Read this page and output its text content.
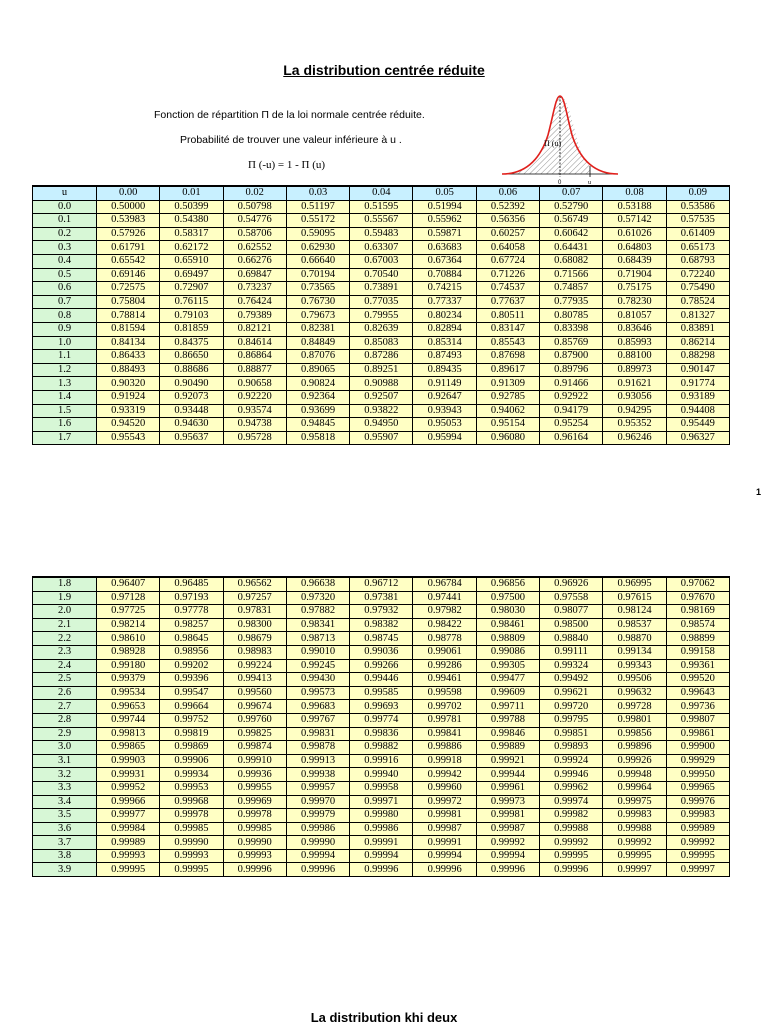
La distribution centrée réduite
Fonction de répartition Π de la loi normale centrée réduite.
Probabilité de trouver une valeur inférieure à u .
Π (-u) = 1 - Π (u)
Π (u)
0	u
u	0.00	0.01	0.02	0.03	0.04	0.05	0.06	0.07	0.08	0.09
0.0	0.50000	0.50399	0.50798	0.51197	0.51595	0.51994	0.52392	0.52790	0.53188	0.53586
0.1	0.53983	0.54380	0.54776	0.55172	0.55567	0.55962	0.56356	0.56749	0.57142	0.57535
0.2	0.57926	0.58317	0.58706	0.59095	0.59483	0.59871	0.60257	0.60642	0.61026	0.61409
0.3	0.61791	0.62172	0.62552	0.62930	0.63307	0.63683	0.64058	0.64431	0.64803	0.65173
0.4	0.65542	0.65910	0.66276	0.66640	0.67003	0.67364	0.67724	0.68082	0.68439	0.68793
0.5	0.69146	0.69497	0.69847	0.70194	0.70540	0.70884	0.71226	0.71566	0.71904	0.72240
0.6	0.72575	0.72907	0.73237	0.73565	0.73891	0.74215	0.74537	0.74857	0.75175	0.75490
0.7	0.75804	0.76115	0.76424	0.76730	0.77035	0.77337	0.77637	0.77935	0.78230	0.78524
0.8	0.78814	0.79103	0.79389	0.79673	0.79955	0.80234	0.80511	0.80785	0.81057	0.81327
0.9	0.81594	0.81859	0.82121	0.82381	0.82639	0.82894	0.83147	0.83398	0.83646	0.83891
1.0	0.84134	0.84375	0.84614	0.84849	0.85083	0.85314	0.85543	0.85769	0.85993	0.86214
1.1	0.86433	0.86650	0.86864	0.87076	0.87286	0.87493	0.87698	0.87900	0.88100	0.88298
1.2	0.88493	0.88686	0.88877	0.89065	0.89251	0.89435	0.89617	0.89796	0.89973	0.90147
1.3	0.90320	0.90490	0.90658	0.90824	0.90988	0.91149	0.91309	0.91466	0.91621	0.91774
1.4	0.91924	0.92073	0.92220	0.92364	0.92507	0.92647	0.92785	0.92922	0.93056	0.93189
1.5	0.93319	0.93448	0.93574	0.93699	0.93822	0.93943	0.94062	0.94179	0.94295	0.94408
1.6	0.94520	0.94630	0.94738	0.94845	0.94950	0.95053	0.95154	0.95254	0.95352	0.95449
1.7	0.95543	0.95637	0.95728	0.95818	0.95907	0.95994	0.96080	0.96164	0.96246	0.96327
1
1.8	0.96407	0.96485	0.96562	0.96638	0.96712	0.96784	0.96856	0.96926	0.96995	0.97062
1.9	0.97128	0.97193	0.97257	0.97320	0.97381	0.97441	0.97500	0.97558	0.97615	0.97670
2.0	0.97725	0.97778	0.97831	0.97882	0.97932	0.97982	0.98030	0.98077	0.98124	0.98169
2.1	0.98214	0.98257	0.98300	0.98341	0.98382	0.98422	0.98461	0.98500	0.98537	0.98574
2.2	0.98610	0.98645	0.98679	0.98713	0.98745	0.98778	0.98809	0.98840	0.98870	0.98899
2.3	0.98928	0.98956	0.98983	0.99010	0.99036	0.99061	0.99086	0.99111	0.99134	0.99158
2.4	0.99180	0.99202	0.99224	0.99245	0.99266	0.99286	0.99305	0.99324	0.99343	0.99361
2.5	0.99379	0.99396	0.99413	0.99430	0.99446	0.99461	0.99477	0.99492	0.99506	0.99520
2.6	0.99534	0.99547	0.99560	0.99573	0.99585	0.99598	0.99609	0.99621	0.99632	0.99643
2.7	0.99653	0.99664	0.99674	0.99683	0.99693	0.99702	0.99711	0.99720	0.99728	0.99736
2.8	0.99744	0.99752	0.99760	0.99767	0.99774	0.99781	0.99788	0.99795	0.99801	0.99807
2.9	0.99813	0.99819	0.99825	0.99831	0.99836	0.99841	0.99846	0.99851	0.99856	0.99861
3.0	0.99865	0.99869	0.99874	0.99878	0.99882	0.99886	0.99889	0.99893	0.99896	0.99900
3.1	0.99903	0.99906	0.99910	0.99913	0.99916	0.99918	0.99921	0.99924	0.99926	0.99929
3.2	0.99931	0.99934	0.99936	0.99938	0.99940	0.99942	0.99944	0.99946	0.99948	0.99950
3.3	0.99952	0.99953	0.99955	0.99957	0.99958	0.99960	0.99961	0.99962	0.99964	0.99965
3.4	0.99966	0.99968	0.99969	0.99970	0.99971	0.99972	0.99973	0.99974	0.99975	0.99976
3.5	0.99977	0.99978	0.99978	0.99979	0.99980	0.99981	0.99981	0.99982	0.99983	0.99983
3.6	0.99984	0.99985	0.99985	0.99986	0.99986	0.99987	0.99987	0.99988	0.99988	0.99989
3.7	0.99989	0.99990	0.99990	0.99990	0.99991	0.99991	0.99992	0.99992	0.99992	0.99992
3.8	0.99993	0.99993	0.99993	0.99994	0.99994	0.99994	0.99994	0.99995	0.99995	0.99995
3.9	0.99995	0.99995	0.99996	0.99996	0.99996	0.99996	0.99996	0.99996	0.99997	0.99997
La distribution khi deux
